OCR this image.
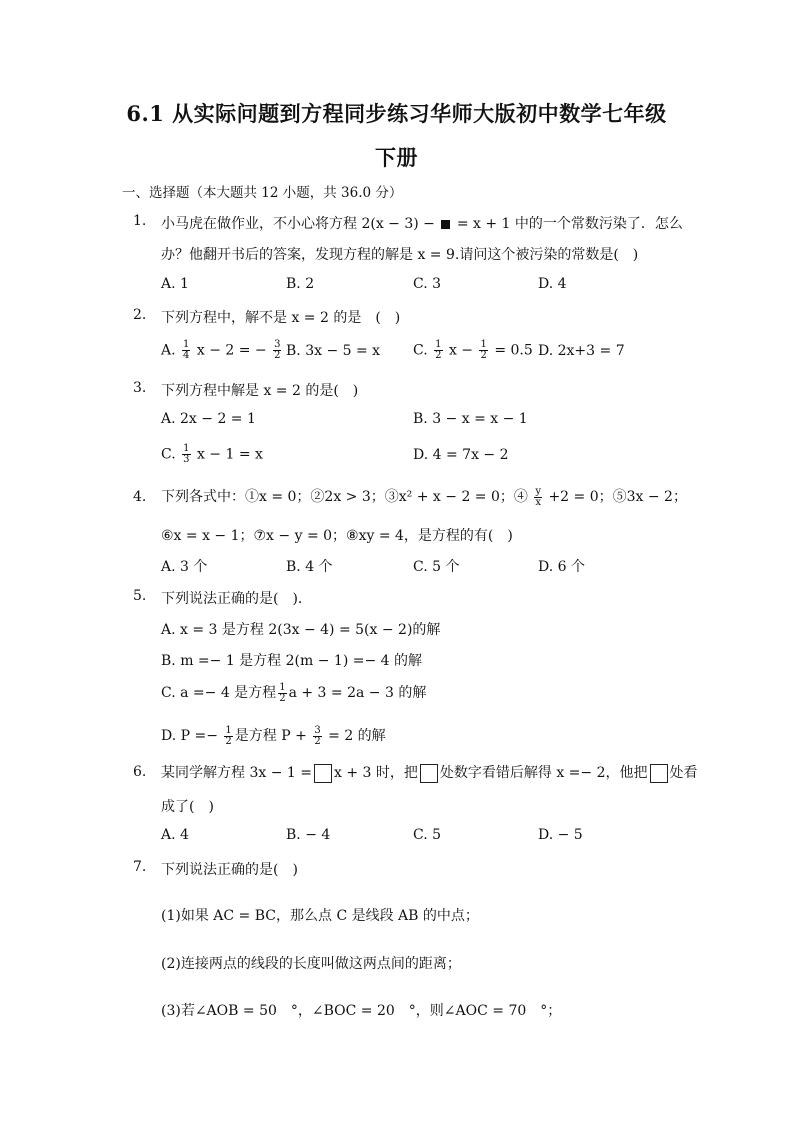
6.1 从实际问题到方程同步练习华师大版初中数学七年级
下册
一、选择题（本大题共 12 小题，共 36.0 分）
1. 小马虎在做作业，不小心将方程 2(x − 3) − = x + 1 中的一个常数污染了．怎么
办？他翻开书后的答案，发现方程的解是 x = 9.请问这个被污染的常数是(　)
A. 1	B. 2	C. 3	D. 4
2. 下列方程中，解不是 x = 2 的是　(　)
A. $\frac{1}{4}$ x − 2 = − $\frac{3}{2} B$. 3x − 5 = x C. $\frac{1}{2}$ $x - \frac{1}{2} = 0.5$ D. 2x+3 = 7
3. 下列方程中解是 x = 2 的是(　)
A. 2x − 2 = 1	B. 3 − x = x − 1
C. $\frac{1}{3}$ x − 1 = x	D. 4 = 7x − 2
4. 下列各式中：①x = 0；②2x > 3；③x² + x − 2 = 0；④ $\frac{y}{x} +2 = 0$；⑤3x − 2；
⑥x = x − 1；⑦x − y = 0；⑧xy = 4，是方程的有(　)
A. 3 个	B. 4 个	C. 5 个	D. 6 个
5. 下列说法正确的是(　)．
A. x = 3 是方程 2(3x − 4) = 5(x − 2)的解
B. m =− 1 是方程 2(m − 1) =− 4 的解
C. a =− 4 是方程 $\frac{1}{2}$ a + 3 = 2a − 3 的解
D. $P =- \frac{1}{2}$ 是方程 $P + \frac{3}{2} = 2$ 的解
6. 某同学解方程 3x − 1 = x + 3 时，把 处数字看错后解得 x =− 2，他把 处看
成了(　)
A. 4	B. − 4	C. 5	D. − 5
7. 下列说法正确的是(　)
(1)如果 AC = BC，那么点 C 是线段 AB 的中点；
(2)连接两点的线段的长度叫做这两点间的距离；
(3)若∠AOB = 50　°，∠BOC = 20　°，则∠AOC = 70　°；
